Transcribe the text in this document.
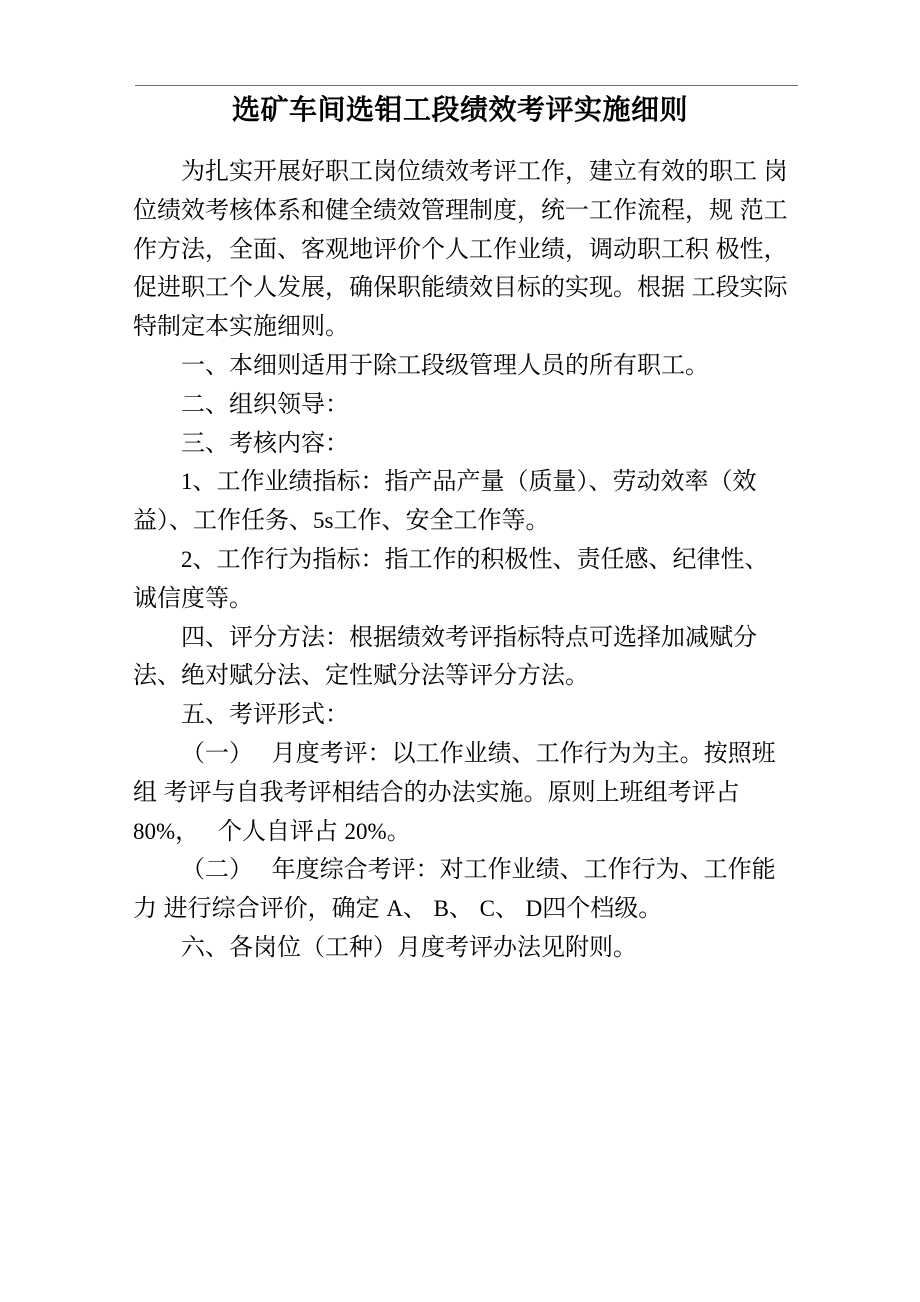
选矿车间选钼工段绩效考评实施细则
为扎实开展好职工岗位绩效考评工作，建立有效的职工 岗
位绩效考核体系和健全绩效管理制度，统一工作流程，规 范工
作方法，全面、客观地评价个人工作业绩，调动职工积 极性，
促进职工个人发展，确保职能绩效目标的实现。根据 工段实际
特制定本实施细则。
一、本细则适用于除工段级管理人员的所有职工。
二、组织领导：
三、考核内容：
1、工作业绩指标：指产品产量（质量）、劳动效率（效
益）、工作任务、5s工作、安全工作等。
2、工作行为指标：指工作的积极性、责任感、纪律性、
诚信度等。
四、评分方法：根据绩效考评指标特点可选择加减赋分
法、绝对赋分法、定性赋分法等评分方法。
五、考评形式：
（一）　 月度考评：以工作业绩、工作行为为主。按照班
组 考评与自我考评相结合的办法实施。原则上班组考评占
80%，　 个人自评占 20%。
（二）　 年度综合考评：对工作业绩、工作行为、工作能
力 进行综合评价，确定 A、 B、 C、 D四个档级。
六、各岗位（工种）月度考评办法见附则。
